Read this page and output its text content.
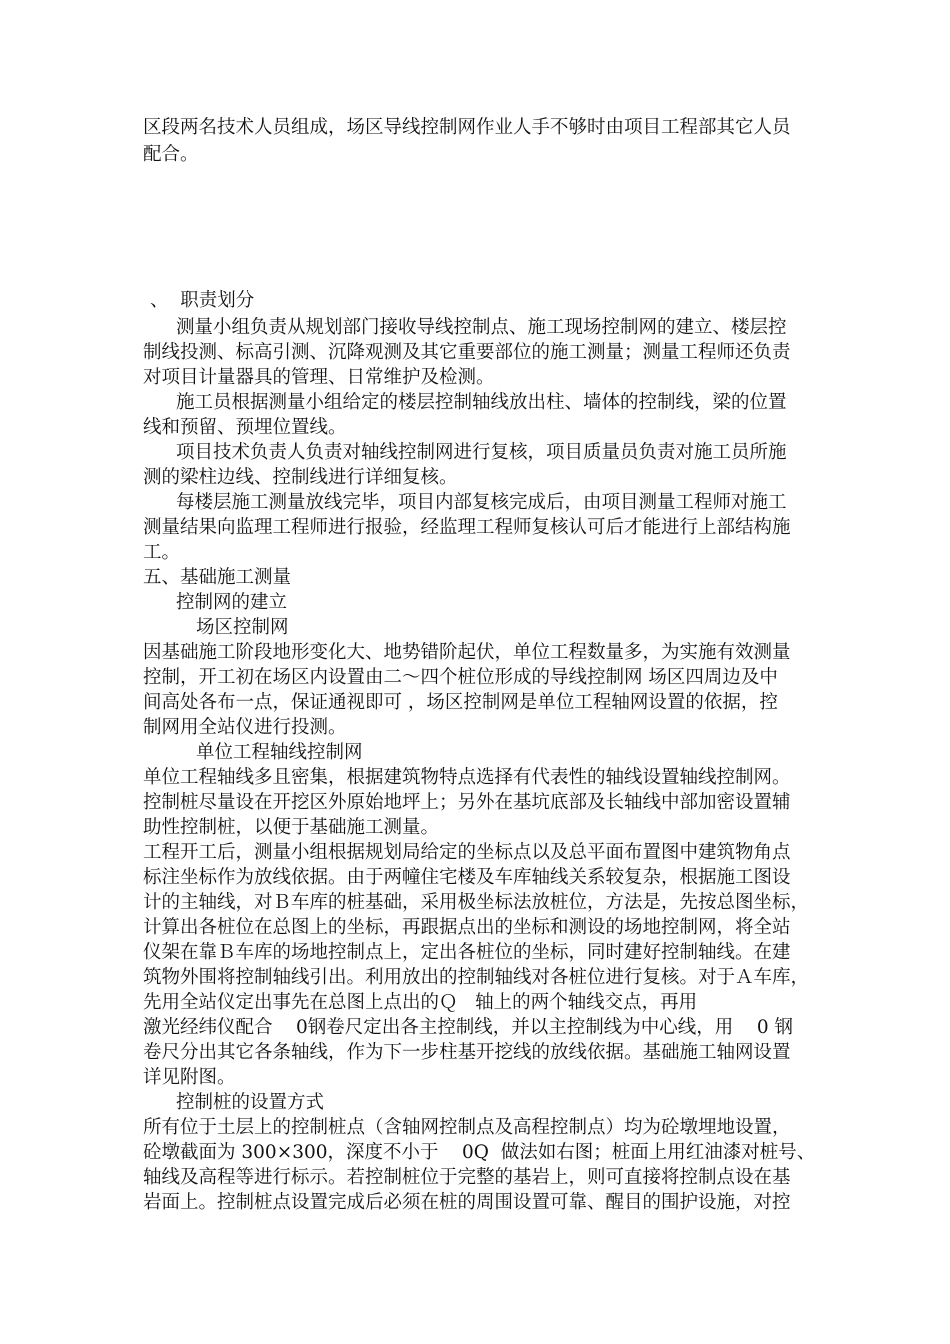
区段两名技术人员组成，场区导线控制网作业人手不够时由项目工程部其它人员
配合。
、  职责划分
测量小组负责从规划部门接收导线控制点、施工现场控制网的建立、楼层控
制线投测、标高引测、沉降观测及其它重要部位的施工测量；测量工程师还负责
对项目计量器具的管理、日常维护及检测。
施工员根据测量小组给定的楼层控制轴线放出柱、墙体的控制线，梁的位置
线和预留、预埋位置线。
项目技术负责人负责对轴线控制网进行复核，项目质量员负责对施工员所施
测的梁柱边线、控制线进行详细复核。
每楼层施工测量放线完毕，项目内部复核完成后，由项目测量工程师对施工
测量结果向监理工程师进行报验，经监理工程师复核认可后才能进行上部结构施
工。
五、基础施工测量
控制网的建立
场区控制网
因基础施工阶段地形变化大、地势错阶起伏，单位工程数量多，为实施有效测量
控制，开工初在场区内设置由二～四个桩位形成的导线控制网 场区四周边及中
间高处各布一点，保证通视即可 ，场区控制网是单位工程轴网设置的依据，控
制网用全站仪进行投测。
单位工程轴线控制网
单位工程轴线多且密集，根据建筑物特点选择有代表性的轴线设置轴线控制网。
控制桩尽量设在开挖区外原始地坪上；另外在基坑底部及长轴线中部加密设置辅
助性控制桩，以便于基础施工测量。
工程开工后，测量小组根据规划局给定的坐标点以及总平面布置图中建筑物角点
标注坐标作为放线依据。由于两幢住宅楼及车库轴线关系较复杂，根据施工图设
计的主轴线，对Ｂ车库的桩基础，采用极坐标法放桩位，方法是，先按总图坐标，
计算出各桩位在总图上的坐标，再跟据点出的坐标和测设的场地控制网，将全站
仪架在靠Ｂ车库的场地控制点上，定出各桩位的坐标，同时建好控制轴线。在建
筑物外围将控制轴线引出。利用放出的控制轴线对各桩位进行复核。对于Ａ车库，
先用全站仪定出事先在总图上点出的Ｑ   轴上的两个轴线交点，再用
激光经纬仪配合    0钢卷尺定出各主控制线，并以主控制线为中心线，用    0 钢
卷尺分出其它各条轴线，作为下一步柱基开挖线的放线依据。基础施工轴网设置
详见附图。
控制桩的设置方式
所有位于土层上的控制桩点（含轴网控制点及高程控制点）均为砼墩埋地设置，
砼墩截面为 300×300，深度不小于    0Q  做法如右图；桩面上用红油漆对桩号、
轴线及高程等进行标示。若控制桩位于完整的基岩上，则可直接将控制点设在基
岩面上。控制桩点设置完成后必须在桩的周围设置可靠、醒目的围护设施，对控
